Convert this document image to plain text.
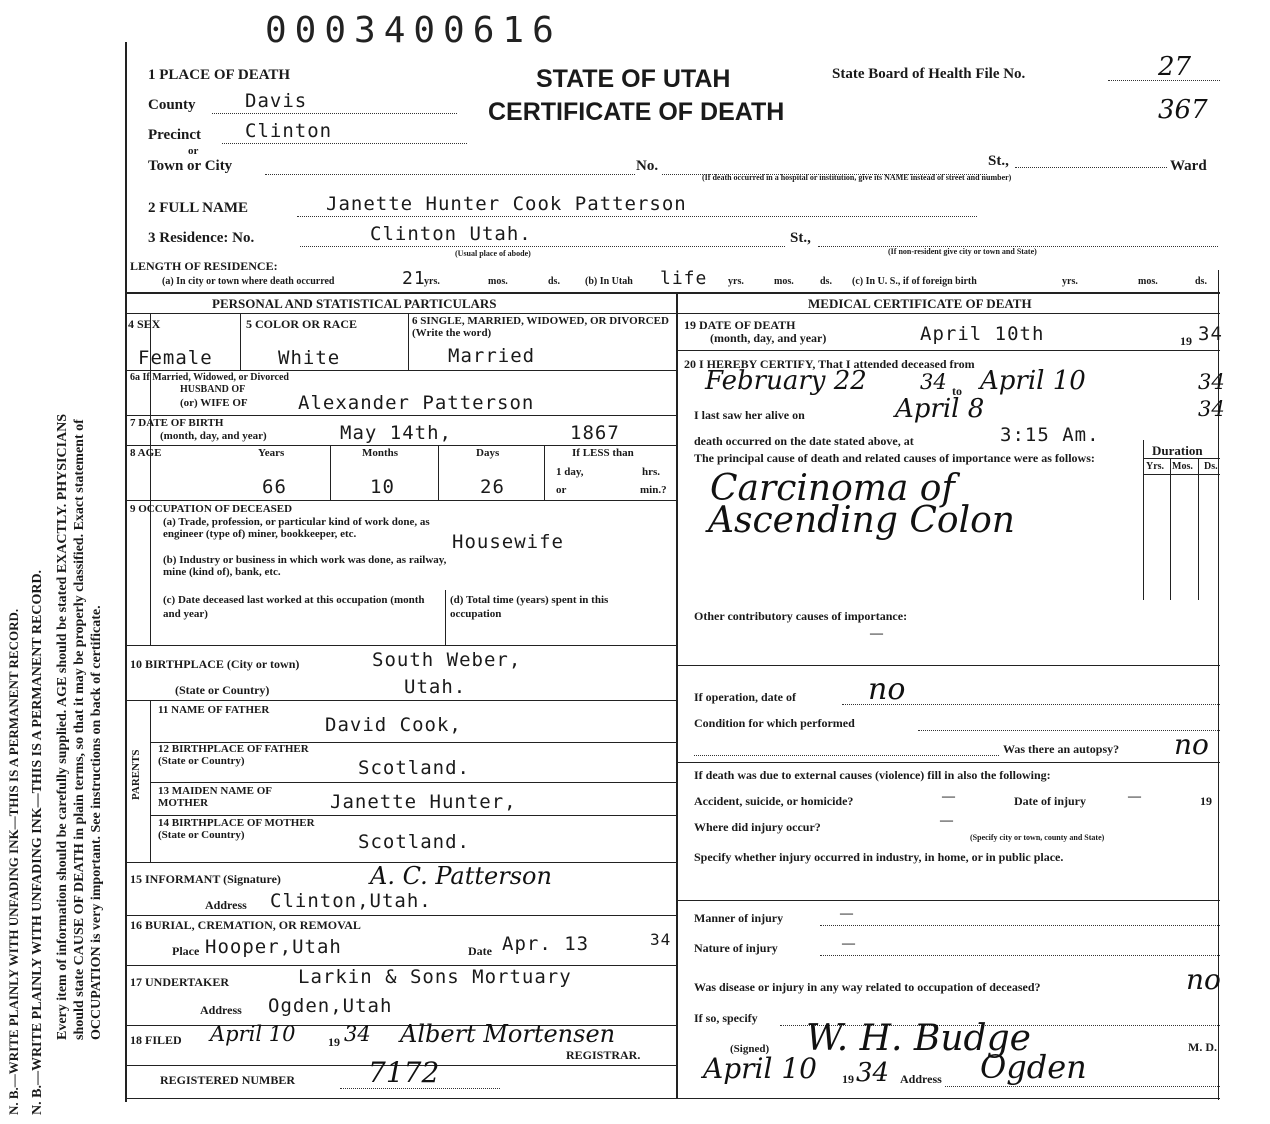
N. B.—WRITE PLAINLY WITH UNFADING INK—THIS IS A PERMANENT RECORD. N. B.—WRITE PLAINLY WITH UNFADING INK—THIS IS A PERMANENT RECORD. Every item of information should be carefully supplied. AGE should be stated EXACTLY. PHYSICIANS should state CAUSE OF DEATH in plain terms, so that it may be properly classified. Exact statement of OCCUPATION is very important. See instructions on back of certificate.
0003400616
STATE OF UTAH
CERTIFICATE OF DEATH
State Board of Health File No.	27
367
1 PLACE OF DEATH
County	Davis
Precinct Clinton
or
Town or City	No.	St.,	Ward
(If death occurred in a hospital or institution, give its NAME instead of street and number)
2 FULL NAME	Janette Hunter Cook Patterson
3 Residence: No.	Clinton Utah.	St.,
(Usual place of abode)	(If non-resident give city or town and State)
LENGTH OF RESIDENCE:
(a) In city or town where death occurred	21
yrs.	mos.	ds.	(b) In Utah life yrs.	mos.	ds. (c) In U. S., if of foreign birth	yrs.	mos.	ds.
PERSONAL AND STATISTICAL PARTICULARS	MEDICAL CERTIFICATE OF DEATH
4 SEX
Female
5 COLOR OR RACE
White
6 SINGLE, MARRIED, WIDOWED, OR DIVORCED (Write the word)
Married
6a If Married, Widowed, or Divorced
HUSBAND OF
(or) WIFE OF	Alexander Patterson
7 DATE OF BIRTH
(month, day, and year)	May 14th,	1867
8 AGE	Years	Months	Days	If LESS than
1 day,	hrs.
or	min.?
66	10	26
9 OCCUPATION OF DECEASED
(a) Trade, profession, or particular kind of work done, as engineer (type of) miner, bookkeeper, etc.	Housewife
(b) Industry or business in which work was done, as railway, mine (kind of), bank, etc.
(c) Date deceased last worked at this occupation (month and year)
(d) Total time (years) spent in this occupation
10 BIRTHPLACE (City or town)	South Weber,
(State or Country)	Utah.
PARENTS
11 NAME OF FATHER
David Cook,
12 BIRTHPLACE OF FATHER (State or Country)	Scotland.
13 MAIDEN NAME OF MOTHER	Janette Hunter,
14 BIRTHPLACE OF MOTHER (State or Country)	Scotland.
15 INFORMANT (Signature)	A. C. Patterson
Address Clinton,Utah.
16 BURIAL, CREMATION, OR REMOVAL
Place Hooper,Utah	Date Apr. 13	34
17 UNDERTAKER	Larkin & Sons Mortuary
Address Ogden,Utah
18 FILED April 10	19 34 Albert Mortensen
REGISTRAR.
REGISTERED NUMBER	7172
19 DATE OF DEATH
(month, day, and year)	April 10th	19 34
20 I HEREBY CERTIFY, That I attended deceased from
February 22	34 to April 10	34
I last saw her alive on	April 8	34
death occurred on the date stated above, at	3:15 Am.
The principal cause of death and related causes of importance were as follows:	Duration
Yrs. Mos. Ds.
Carcinoma of
Ascending Colon
Other contributory causes of importance:
—
If operation, date of no
Condition for which performed
Was there an autopsy? no
If death was due to external causes (violence) fill in also the following:
Accident, suicide, or homicide?	—	Date of injury	—	19
Where did injury occur?	—
(Specify city or town, county and State)
Specify whether injury occurred in industry, in home, or in public place.
Manner of injury	—
Nature of injury	—
Was disease or injury in any way related to occupation of deceased?	no
If so, specify
(Signed) W. H. Budge	M. D.
April 10 19 34 Address Ogden
